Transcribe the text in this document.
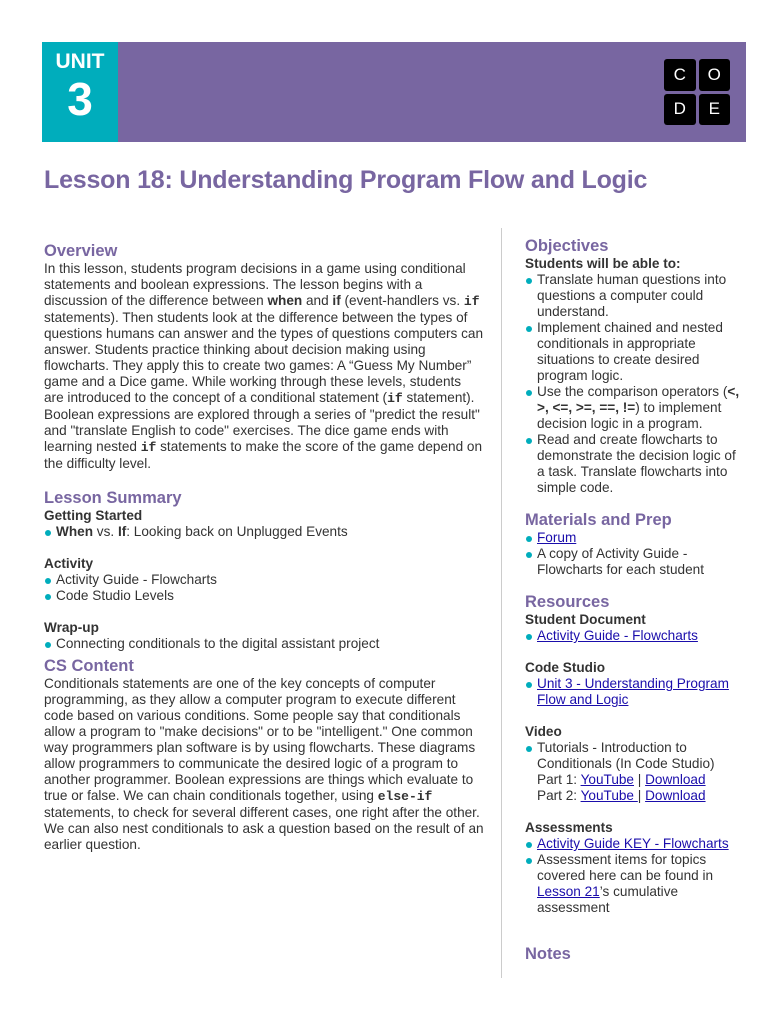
UNIT
3	C	O
D	E
Lesson 18: Understanding Program Flow and Logic
Overview

In this lesson, students program decisions in a game using conditional statements and boolean expressions. The lesson begins with a discussion of the difference between when and if (event-handlers vs. if statements). Then students look at the difference between the types of questions humans can answer and the types of questions computers can answer. Students practice thinking about decision making using flowcharts. They apply this to create two games: A “Guess My Number” game and a Dice game. While working through these levels, students are introduced to the concept of a conditional statement (if statement). Boolean expressions are explored through a series of "predict the result" and "translate English to code" exercises. The dice game ends with learning nested if statements to make the score of the game depend on the difficulty level.

Lesson Summary
Getting Started
When vs. If: Looking back on Unplugged Events
Activity
Activity Guide - Flowcharts
Code Studio Levels
Wrap-up
Connecting conditionals to the digital assistant project
CS Content

Conditionals statements are one of the key concepts of computer programming, as they allow a computer program to execute different code based on various conditions. Some people say that conditionals allow a program to "make decisions" or to be "intelligent." One common way programmers plan software is by using flowcharts. These diagrams allow programmers to communicate the desired logic of a program to another programmer. Boolean expressions are things which evaluate to true or false. We can chain conditionals together, using else-if statements, to check for several different cases, one right after the other. We can also nest conditionals to ask a question based on the result of an earlier question.

Objectives
Students will be able to:
Translate human questions into questions a computer could understand.
Implement chained and nested conditionals in appropriate situations to create desired program logic.
Use the comparison operators (<, >, <=, >=, ==, !=) to implement decision logic in a program.
Read and create flowcharts to demonstrate the decision logic of a task. Translate flowcharts into simple code.
Materials and Prep
Forum
A copy of Activity Guide - Flowcharts for each student
Resources
Student Document
Activity Guide - Flowcharts
Code Studio
Unit 3 - Understanding Program Flow and Logic
Video
Tutorials - Introduction to Conditionals (In Code Studio)
Part 1: YouTube | Download
Part 2: YouTube | Download
Assessments
Activity Guide KEY - Flowcharts
Assessment items for topics covered here can be found in Lesson 21’s cumulative assessment
Notes
